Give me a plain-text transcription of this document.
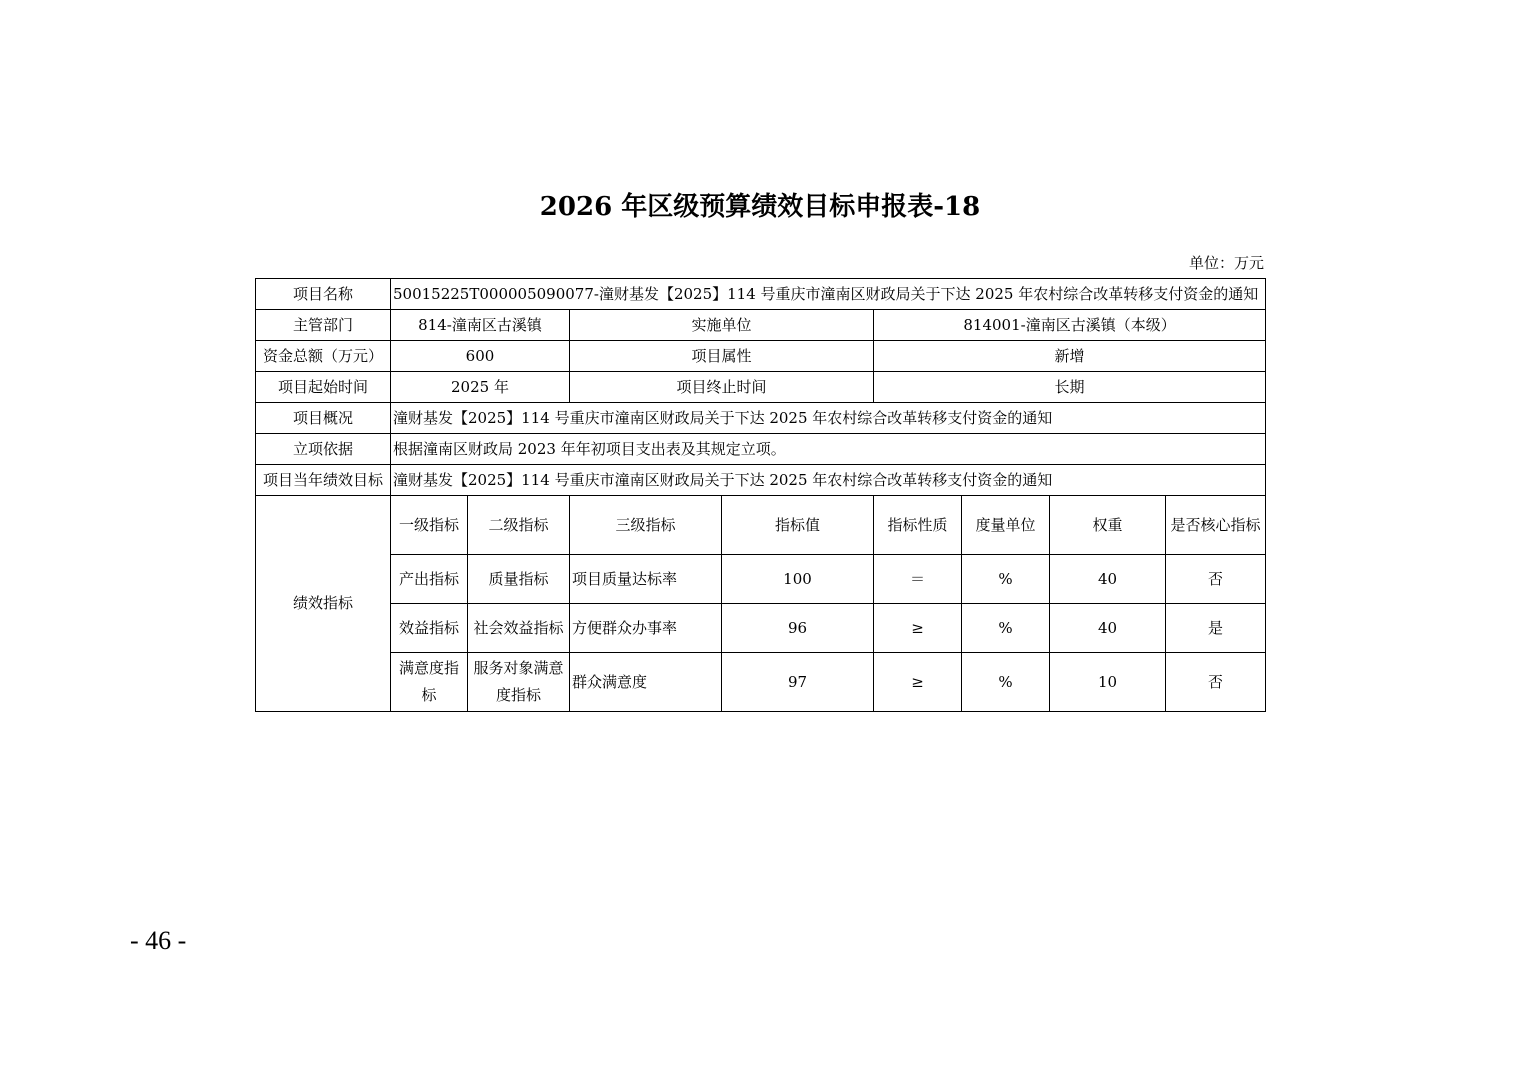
2026 年区级预算绩效目标申报表-18
单位：万元
项目名称	50015225T000005090077-潼财基发【2025】114 号重庆市潼南区财政局关于下达 2025 年农村综合改革转移支付资金的通知							
主管部门	814-潼南区古溪镇		实施单位		814001-潼南区古溪镇（本级）			
资金总额（万元）	600		项目属性		新增			
项目起始时间	2025 年		项目终止时间		长期			
项目概况	潼财基发【2025】114 号重庆市潼南区财政局关于下达 2025 年农村综合改革转移支付资金的通知							
立项依据	根据潼南区财政局 2023 年年初项目支出表及其规定立项。							
项目当年绩效目标	潼财基发【2025】114 号重庆市潼南区财政局关于下达 2025 年农村综合改革转移支付资金的通知							
绩效指标	一级指标	二级指标	三级指标	指标值	指标性质	度量单位	权重	是否核心指标
	产出指标	质量指标	项目质量达标率	100	＝	%	40	否
	效益指标	社会效益指标	方便群众办事率	96	≥	%	40	是
	满意度指标	服务对象满意度指标	群众满意度	97	≥	%	10	否
- 46 -
